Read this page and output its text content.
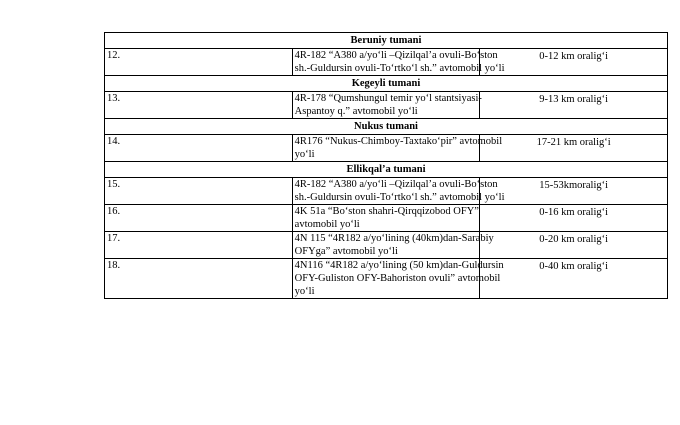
Beruniy tumani		
12.	4R-182 “A380 a/yo‘li –Qizilqal’a ovuli-Bo‘ston
sh.-Guldursin ovuli-To‘rtko‘l sh.” avtomobil yo‘li	0-12 km oralig‘i
Kegeyli tumani		
13.	4R-178 “Qumshungul temir yo‘l stantsiyasi-
Aspantoy q.” avtomobil yo‘li	9-13 km oralig‘i
Nukus tumani		
14.	4R176 “Nukus-Chimboy-Taxtako‘pir” avtomobil
yo‘li	17-21 km oralig‘i
Ellikqal’a tumani		
15.	4R-182 “A380 a/yo‘li –Qizilqal’a ovuli-Bo‘ston
sh.-Guldursin ovuli-To‘rtko‘l sh.” avtomobil yo‘li	15-53kmoralig‘i
16.	4K 51a “Bo‘ston shahri-Qirqqizobod OFY”
avtomobil yo‘li	0-16 km oralig‘i
17.	4N 115 “4R182 a/yo‘lining (40km)dan-Sarabiy
OFYga” avtomobil yo‘li	0-20 km oralig‘i
18.	4N116 “4R182 a/yo‘lining (50 km)dan-Guldursin
OFY-Guliston OFY-Bahoriston ovuli” avtomobil
yo‘li	0-40 km oralig‘i
